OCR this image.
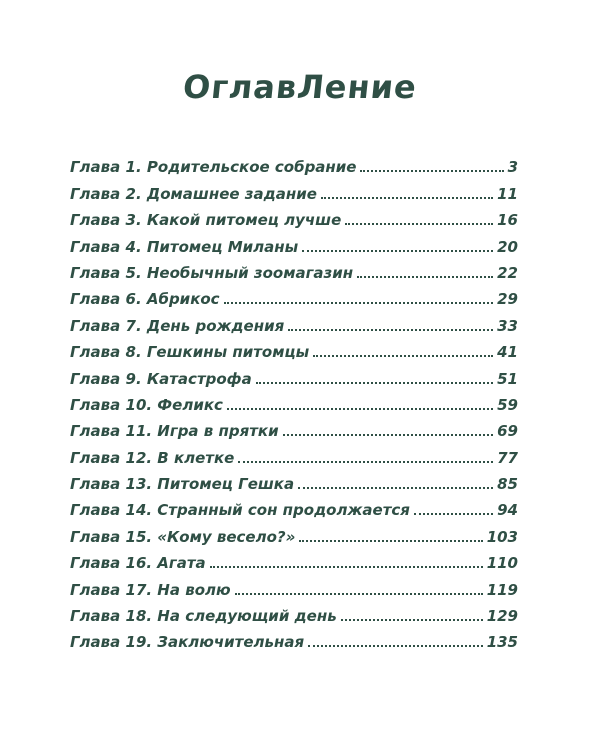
ОглавЛение
Глава 1. Родительское собрание	3
Глава 2. Домашнее задание	11
Глава 3. Какой питомец лучше	16
Глава 4. Питомец Миланы	20
Глава 5. Необычный зоомагазин	22
Глава 6. Абрикос	29
Глава 7. День рождения	33
Глава 8. Гешкины питомцы	41
Глава 9. Катастрофа	51
Глава 10. Феликс	59
Глава 11. Игра в прятки	69
Глава 12. В клетке	77
Глава 13. Питомец Гешка	85
Глава 14. Странный сон продолжается	94
Глава 15. «Кому весело?»	103
Глава 16. Агата	110
Глава 17. На волю	119
Глава 18. На следующий день	129
Глава 19. Заключительная	135
